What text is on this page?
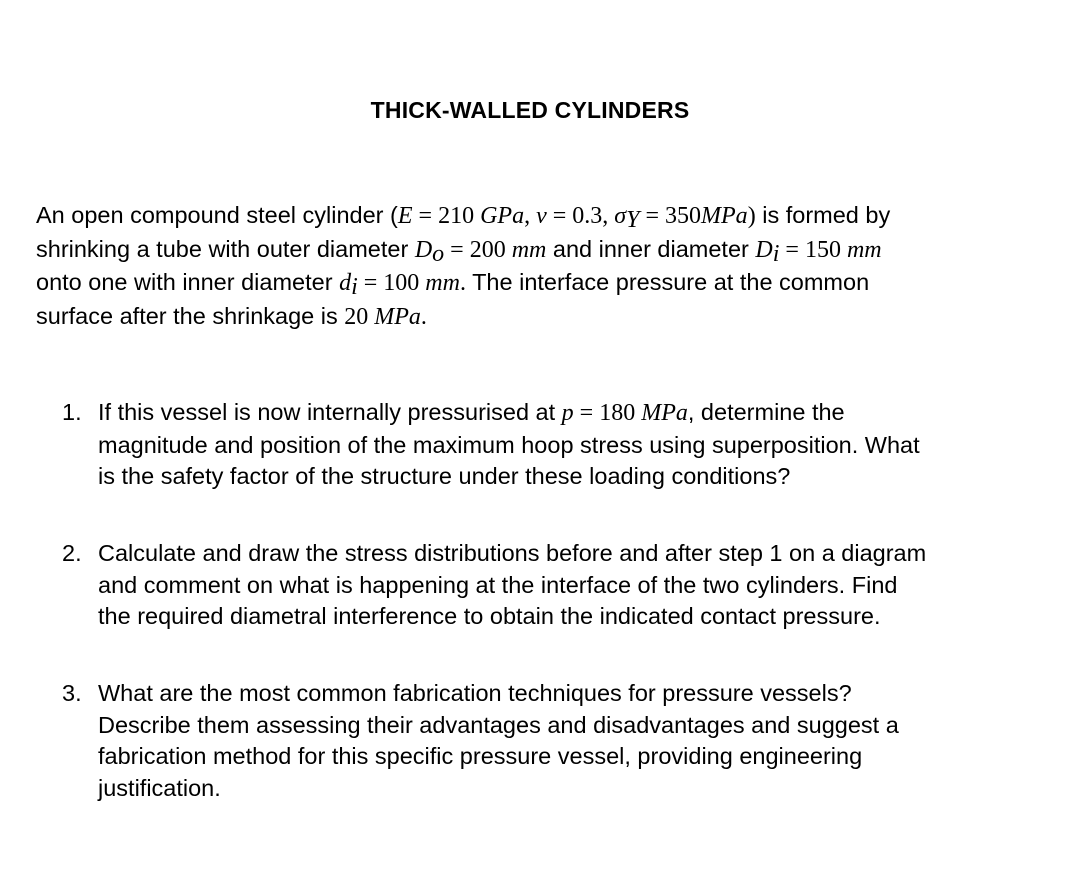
THICK-WALLED CYLINDERS
An open compound steel cylinder (E = 210 GPa, ν = 0.3, $\sigma_Y = 350MPa$) is formed by
shrinking a tube with outer diameter $D_o = 200$ mm and inner diameter $D_i = 150$ mm
onto one with inner diameter $d_i = 100$ mm. The interface pressure at the common
surface after the shrinkage is 20 MPa.
1. If this vessel is now internally pressurised at p = 180 MPa, determine the
magnitude and position of the maximum hoop stress using superposition. What
is the safety factor of the structure under these loading conditions?
2. Calculate and draw the stress distributions before and after step 1 on a diagram
and comment on what is happening at the interface of the two cylinders. Find
the required diametral interference to obtain the indicated contact pressure.
3. What are the most common fabrication techniques for pressure vessels?
Describe them assessing their advantages and disadvantages and suggest a
fabrication method for this specific pressure vessel, providing engineering
justification.
